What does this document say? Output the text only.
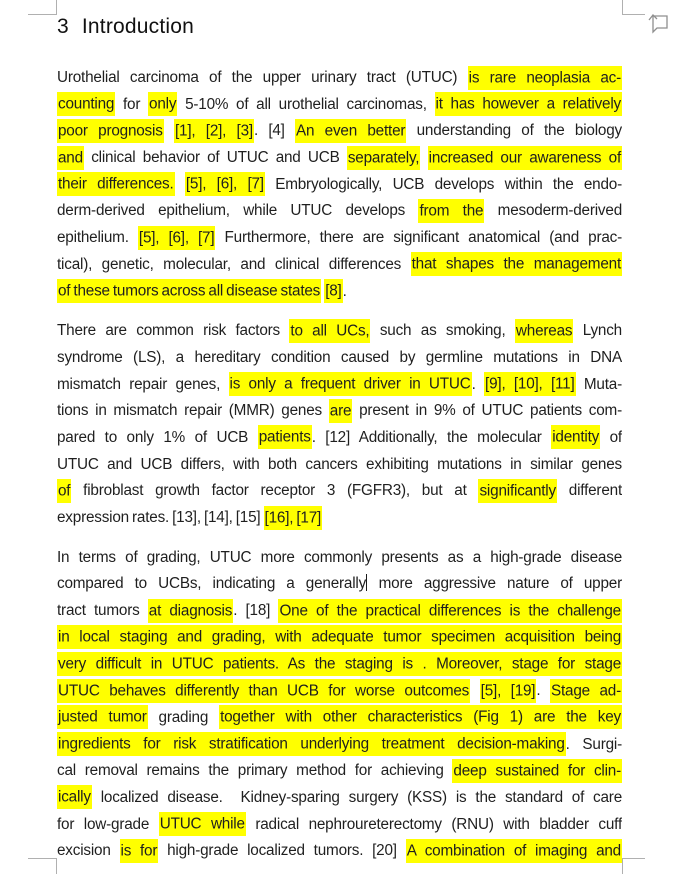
3 Introduction
Urothelial carcinoma of the upper urinary tract (UTUC) is rare neoplasia ac-
counting for only 5-10% of all urothelial carcinomas, it has however a relatively
poor prognosis [1], [2], [3]. [4] An even better understanding of the biology
and clinical behavior of UTUC and UCB separately, increased our awareness of
their differences. [5], [6], [7] Embryologically, UCB develops within the endo-
derm-derived epithelium, while UTUC develops from the mesoderm-derived
epithelium. [5], [6], [7] Furthermore, there are significant anatomical (and prac-
tical), genetic, molecular, and clinical differences that shapes the management
of these tumors across all disease states [8].
There are common risk factors to all UCs, such as smoking, whereas Lynch
syndrome (LS), a hereditary condition caused by germline mutations in DNA
mismatch repair genes, is only a frequent driver in UTUC. [9], [10], [11] Muta-
tions in mismatch repair (MMR) genes are present in 9% of UTUC patients com-
pared to only 1% of UCB patients. [12] Additionally, the molecular identity of
UTUC and UCB differs, with both cancers exhibiting mutations in similar genes
of fibroblast growth factor receptor 3 (FGFR3), but at significantly different
expression rates. [13], [14], [15] [16], [17]
In terms of grading, UTUC more commonly presents as a high-grade disease
compared to UCBs, indicating a generally more aggressive nature of upper
tract tumors at diagnosis. [18] One of the practical differences is the challenge
in local staging and grading, with adequate tumor specimen acquisition being
very difficult in UTUC patients. As the staging is . Moreover, stage for stage
UTUC behaves differently than UCB for worse outcomes [5], [19]. Stage ad-
justed tumor grading together with other characteristics (Fig 1) are the key
ingredients for risk stratification underlying treatment decision-making. Surgi-
cal removal remains the primary method for achieving deep sustained for clin-
ically localized disease.  Kidney-sparing surgery (KSS) is the standard of care
for low-grade UTUC while radical nephroureterectomy (RNU) with bladder cuff
excision is for high-grade localized tumors. [20] A combination of imaging and
